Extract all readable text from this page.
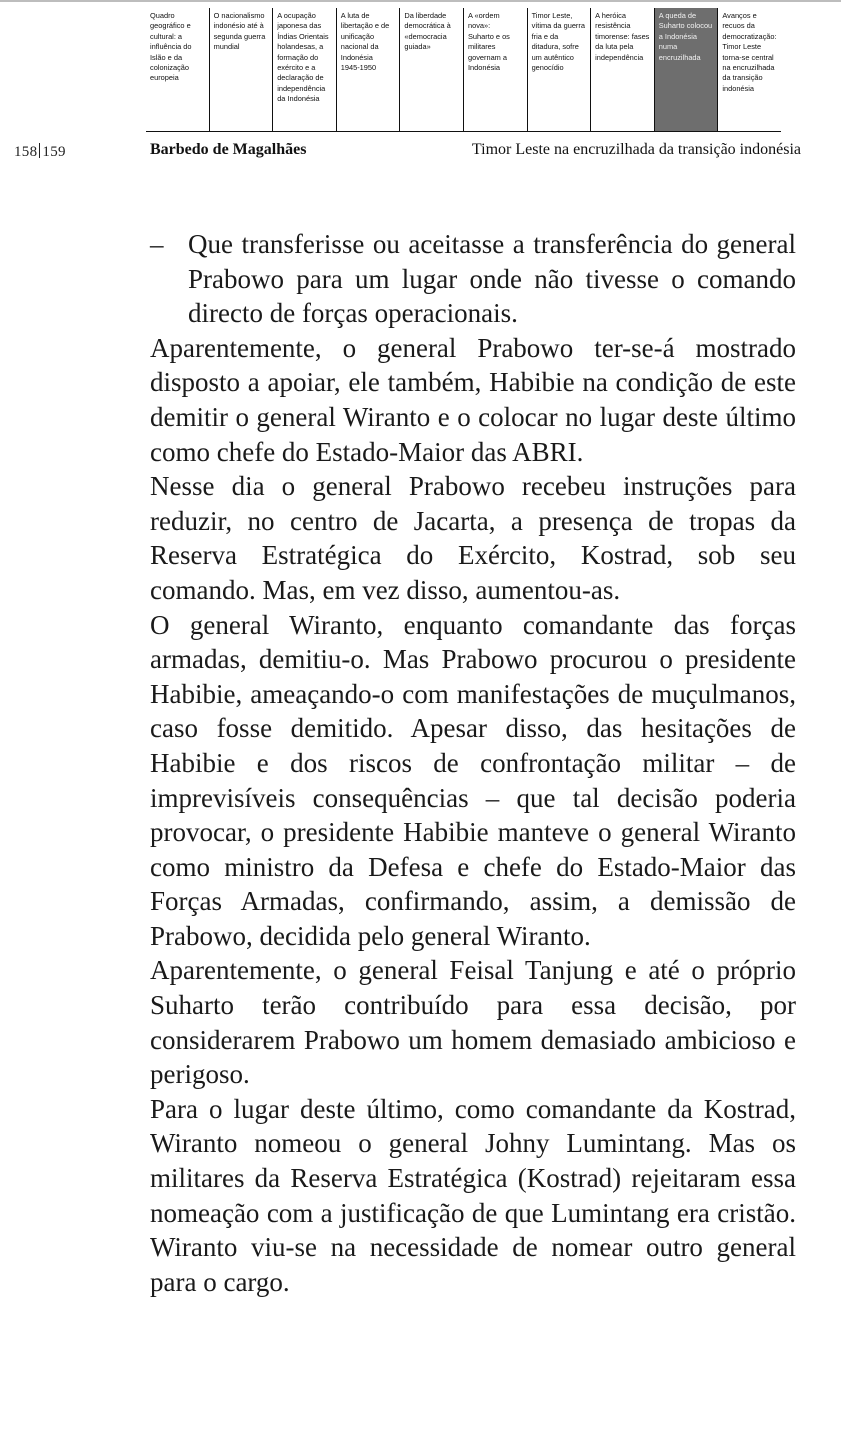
Quadro
geográfico e
cultural: a
influência do
Islão e da
colonização
europeia
O nacionalismo
indonésio até à
segunda guerra
mundial
A ocupação
japonesa das
Índias Orientais
holandesas, a
formação do
exército e a
declaração de
independência
da Indonésia
A luta de
libertação e de
unificação
nacional da
Indonésia
1945-1950
Da liberdade
democrática à
«democracia
guiada»
A «ordem nova»:
Suharto e os
militares
governam a
Indonésia
Timor Leste,
vítima da guerra
fria e da
ditadura, sofre
um autêntico
genocídio
A heróica
resistência
timorense: fases
da luta pela
independência
A queda de
Suharto colocou
a Indonésia
numa
encruzilhada
Avanços e
recuos da
democratização:
Timor Leste
torna-se central
na encruzilhada
da transição
indonésia
158 159	Barbedo de Magalhães	Timor Leste na encruzilhada da transição indonésia

– Que transferisse ou aceitasse a transferência do general Prabowo para um lugar onde não tivesse o comando directo de forças operacionais.

Aparentemente, o general Prabowo ter-se-á mostrado disposto a apoiar, ele também, Habibie na condição de este demitir o general Wiranto e o colocar no lugar deste último como chefe do Estado-Maior das ABRI.

Nesse dia o general Prabowo recebeu instruções para reduzir, no centro de Jacarta, a presença de tropas da Reserva Estratégica do Exército, Kostrad, sob seu comando. Mas, em vez disso, aumentou-as.

O general Wiranto, enquanto comandante das forças armadas, demitiu-o. Mas Prabowo procurou o presidente Habibie, ameaçando-o com manifestações de muçulmanos, caso fosse demitido. Apesar disso, das hesitações de Habibie e dos riscos de confrontação militar – de imprevisíveis consequências – que tal decisão poderia provocar, o presidente Habibie manteve o general Wiranto como ministro da Defesa e chefe do Estado-Maior das Forças Armadas, confirmando, assim, a demissão de Prabowo, decidida pelo general Wiranto.

Aparentemente, o general Feisal Tanjung e até o próprio Suharto terão contribuído para essa decisão, por considerarem Prabowo um homem demasiado ambicioso e perigoso.

Para o lugar deste último, como comandante da Kostrad, Wiranto nomeou o general Johny Lumintang. Mas os militares da Reserva Estratégica (Kostrad) rejeitaram essa nomeação com a justificação de que Lumintang era cristão. Wiranto viu-se na necessidade de nomear outro general para o cargo.
